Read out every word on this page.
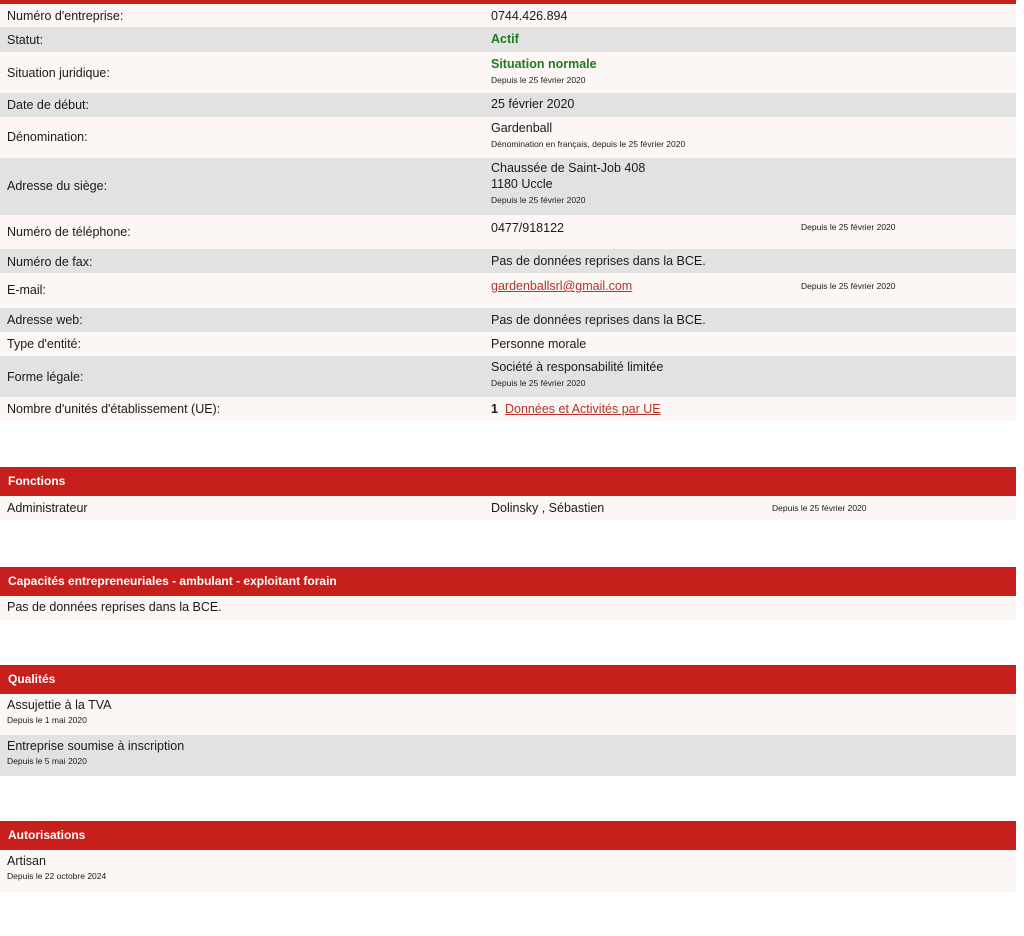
Numéro d'entreprise:	0744.426.894
Statut:	Actif
Situation juridique:
Situation normale
Depuis le 25 février 2020
Date de début:	25 février 2020
Dénomination:
Gardenball
Dénomination en français, depuis le 25 février 2020
Adresse du siège:
Chaussée de Saint-Job 408
1180 Uccle
Depuis le 25 février 2020
Numéro de téléphone:	0477/918122	Depuis le 25 février 2020
Numéro de fax:	Pas de données reprises dans la BCE.
E-mail:	gardenballsrl@gmail.com	Depuis le 25 février 2020
Adresse web:	Pas de données reprises dans la BCE.
Type d'entité:	Personne morale
Forme légale:
Société à responsabilité limitée
Depuis le 25 février 2020
Nombre d'unités d'établissement (UE):	1 Données et Activités par UE
Fonctions
Administrateur	Dolinsky , Sébastien	Depuis le 25 février 2020
Capacités entrepreneuriales - ambulant - exploitant forain
Pas de données reprises dans la BCE.
Qualités
Assujettie à la TVA
Depuis le 1 mai 2020
Entreprise soumise à inscription
Depuis le 5 mai 2020
Autorisations
Artisan
Depuis le 22 octobre 2024
